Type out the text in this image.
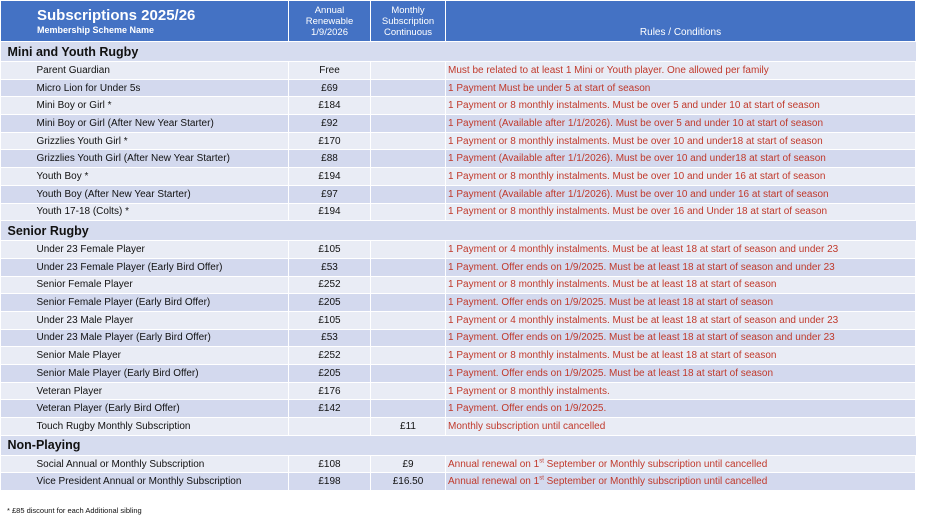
Subscriptions 2025/26
Membership Scheme Name	Annual
Renewable
1/9/2026	Monthly
Subscription
Continuous	Rules / Conditions
Mini and Youth Rugby			
Parent Guardian	Free		Must be related to at least 1 Mini or Youth player. One allowed per family
Micro Lion for Under 5s	£69		1 Payment Must be under 5 at start of season
Mini Boy or Girl *	£184		1 Payment or 8 monthly instalments. Must be over 5 and under 10 at start of season
Mini Boy or Girl (After New Year Starter)	£92		1 Payment (Available after 1/1/2026). Must be over 5 and under 10 at start of season
Grizzlies Youth Girl *	£170		1 Payment or 8 monthly instalments. Must be over 10 and under18 at start of season
Grizzlies Youth Girl (After New Year Starter)	£88		1 Payment (Available after 1/1/2026). Must be over 10 and under18 at start of season
Youth Boy *	£194		1 Payment or 8 monthly instalments. Must be over 10 and under 16 at start of season
Youth Boy (After New Year Starter)	£97		1 Payment (Available after 1/1/2026). Must be over 10 and under 16 at start of season
Youth 17-18 (Colts) *	£194		1 Payment or 8 monthly instalments. Must be over 16 and Under 18 at start of season
Senior Rugby			
Under 23 Female Player	£105		1 Payment or 4 monthly instalments. Must be at least 18 at start of season and under 23
Under 23 Female Player (Early Bird Offer)	£53		1 Payment. Offer ends on 1/9/2025. Must be at least 18 at start of season and under 23
Senior Female Player	£252		1 Payment or 8 monthly instalments. Must be at least 18 at start of season
Senior Female Player (Early Bird Offer)	£205		1 Payment. Offer ends on 1/9/2025. Must be at least 18 at start of season
Under 23 Male Player	£105		1 Payment or 4 monthly instalments. Must be at least 18 at start of season and under 23
Under 23 Male Player (Early Bird Offer)	£53		1 Payment. Offer ends on 1/9/2025. Must be at least 18 at start of season and under 23
Senior Male Player	£252		1 Payment or 8 monthly instalments. Must be at least 18 at start of season
Senior Male Player (Early Bird Offer)	£205		1 Payment. Offer ends on 1/9/2025. Must be at least 18 at start of season
Veteran Player	£176		1 Payment or 8 monthly instalments.
Veteran Player (Early Bird Offer)	£142		1 Payment. Offer ends on 1/9/2025.
Touch Rugby Monthly Subscription		£11	Monthly subscription until cancelled
Non-Playing			
Social Annual or Monthly Subscription	£108	£9	Annual renewal on 1st September or Monthly subscription until cancelled
Vice President Annual or Monthly Subscription	£198	£16.50	Annual renewal on 1st September or Monthly subscription until cancelled
* £85 discount for each Additional sibling
